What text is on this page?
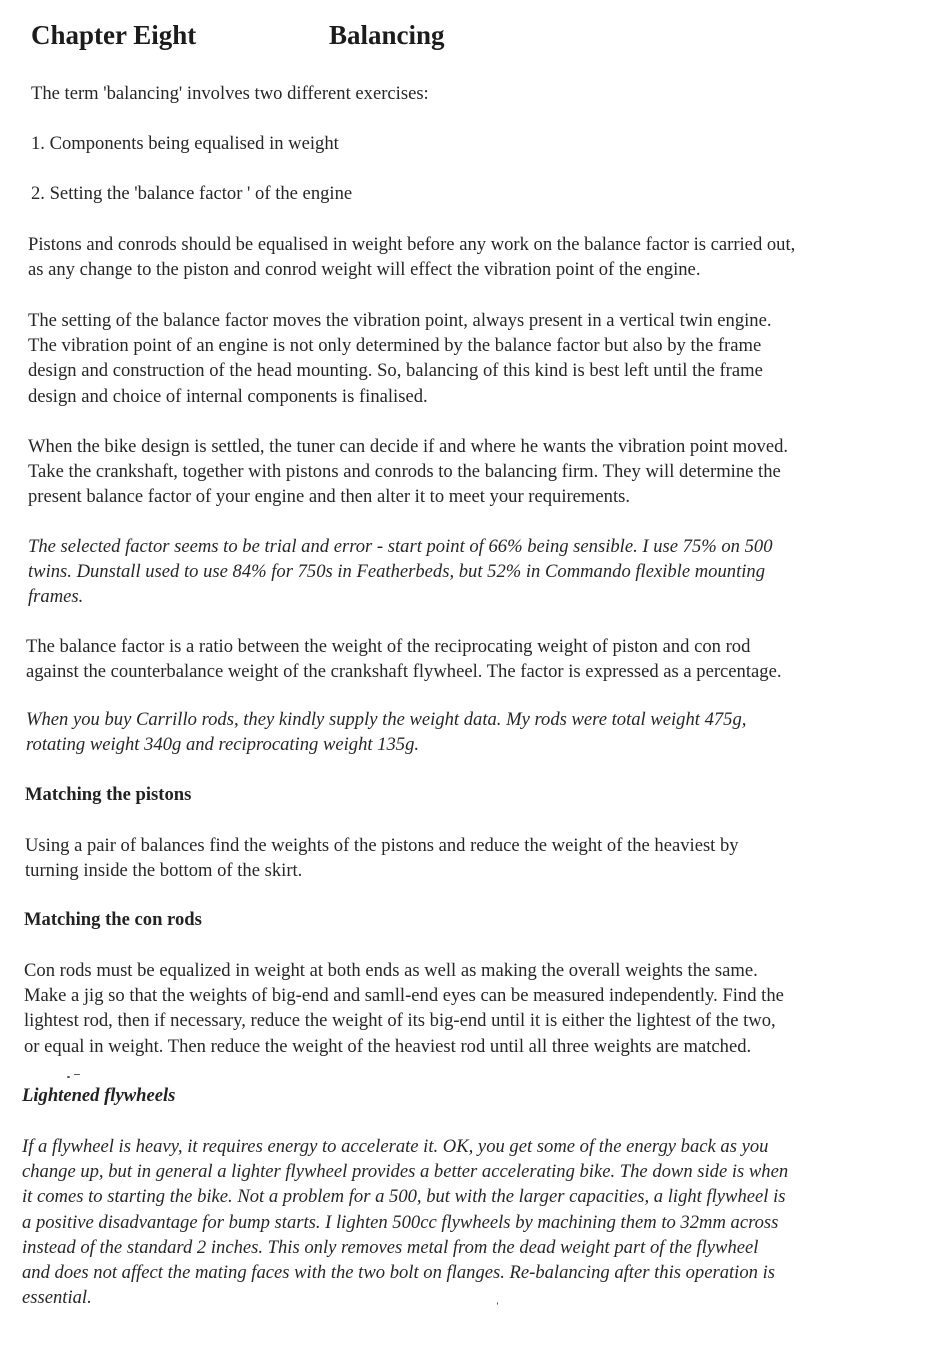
Chapter Eight	Balancing

The term 'balancing' involves two different exercises:

1. Components being equalised in weight

2. Setting the 'balance factor ' of the engine

Pistons and conrods should be equalised in weight before any work on the balance factor is carried out,
as any change to the piston and conrod weight will effect the vibration point of the engine.

The setting of the balance factor moves the vibration point, always present in a vertical twin engine.
The vibration point of an engine is not only determined by the balance factor but also by the frame
design and construction of the head mounting. So, balancing of this kind is best left until the frame
design and choice of internal components is finalised.

When the bike design is settled, the tuner can decide if and where he wants the vibration point moved.
Take the crankshaft, together with pistons and conrods to the balancing firm. They will determine the
present balance factor of your engine and then alter it to meet your requirements.

The selected factor seems to be trial and error - start point of 66% being sensible. I use 75% on 500
twins. Dunstall used to use 84% for 750s in Featherbeds, but 52% in Commando flexible mounting
frames.

The balance factor is a ratio between the weight of the reciprocating weight of piston and con rod
against the counterbalance weight of the crankshaft flywheel. The factor is expressed as a percentage.

When you buy Carrillo rods, they kindly supply the weight data. My rods were total weight 475g,
rotating weight 340g and reciprocating weight 135g.

Matching the pistons

Using a pair of balances find the weights of the pistons and reduce the weight of the heaviest by
turning inside the bottom of the skirt.

Matching the con rods

Con rods must be equalized in weight at both ends as well as making the overall weights the same.
Make a jig so that the weights of big-end and samll-end eyes can be measured independently. Find the
lightest rod, then if necessary, reduce the weight of its big-end until it is either the lightest of the two,
or equal in weight. Then reduce the weight of the heaviest rod until all three weights are matched.

Lightened flywheels

If a flywheel is heavy, it requires energy to accelerate it. OK, you get some of the energy back as you
change up, but in general a lighter flywheel provides a better accelerating bike. The down side is when
it comes to starting the bike. Not a problem for a 500, but with the larger capacities, a light flywheel is
a positive disadvantage for bump starts. I lighten 500cc flywheels by machining them to 32mm across
instead of the standard 2 inches. This only removes metal from the dead weight part of the flywheel
and does not affect the mating faces with the two bolt on flanges. Re-balancing after this operation is
essential.
